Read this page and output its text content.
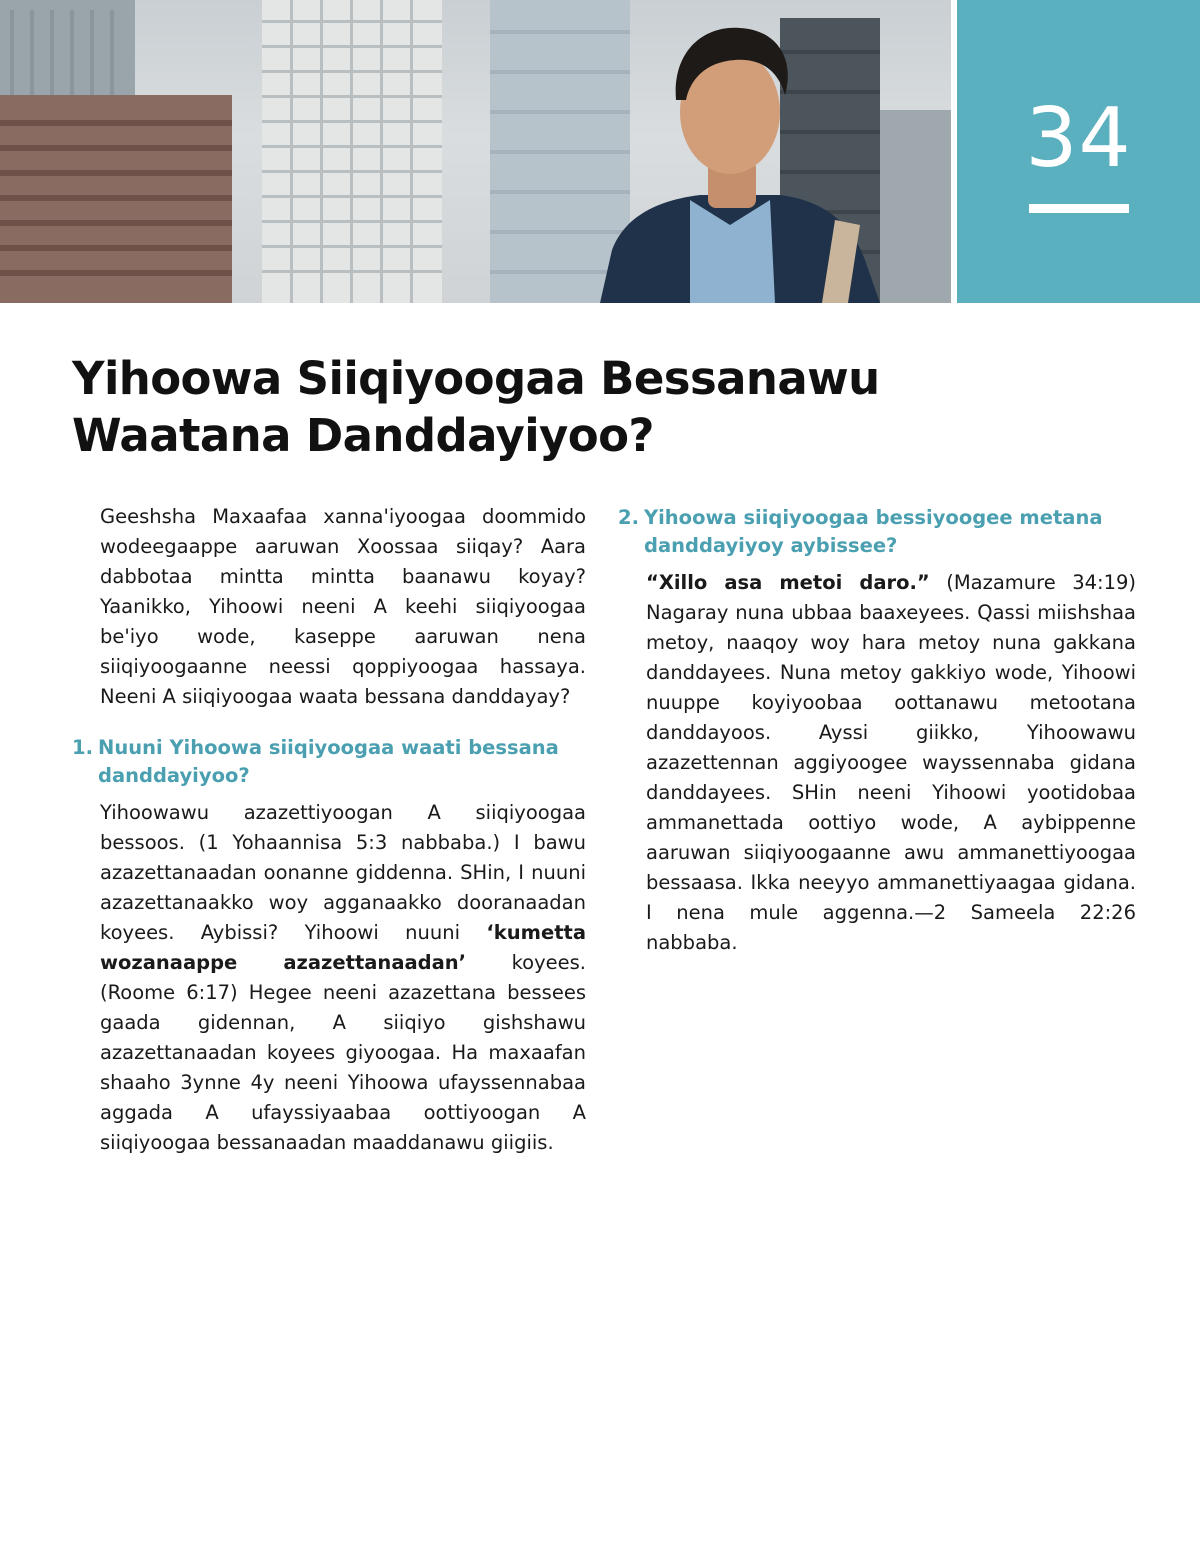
34
Yihoowa Siiqiyoogaa Bessanawu
Waatana Danddayiyoo?

Geeshsha Maxaafaa xanna'iyoogaa doommido wodeegaappe aaruwan Xoossaa siiqay? Aara dabbotaa mintta mintta baanawu koyay? Yaanikko, Yihoowi neeni A keehi siiqiyoogaa be'iyo wode, kaseppe aaruwan nena siiqiyoogaanne neessi qoppiyoogaa hassaya. Neeni A siiqiyoogaa waata bessana danddayay?

1. Nuuni Yihoowa siiqiyoogaa waati bessana danddayiyoo?

Yihoowawu azazettiyoogan A siiqiyoogaa bessoos. (1 Yohaannisa 5:3 nabbaba.) I bawu azazettanaadan oonanne giddenna. SHin, I nuuni azazettanaakko woy agganaakko dooranaadan koyees. Aybissi? Yihoowi nuuni ‘kumetta wozanaappe azazettanaadan’ koyees. (Roome 6:17) Hegee neeni azazettana bessees gaada gidennan, A siiqiyo gishshawu azazettanaadan koyees giyoogaa. Ha maxaafan shaaho 3ynne 4y neeni Yihoowa ufayssennabaa aggada A ufayssiyaabaa oottiyoogan A siiqiyoogaa bessanaadan maaddanawu giigiis.

2. Yihoowa siiqiyoogaa bessiyoogee metana danddayiyoy aybissee?

“Xillo asa metoi daro.” (Mazamure 34:19) Nagaray nuna ubbaa baaxeyees. Qassi miishshaa metoy, naaqoy woy hara metoy nuna gakkana danddayees. Nuna metoy gakkiyo wode, Yihoowi nuuppe koyiyoobaa oottanawu metootana danddayoos. Ayssi giikko, Yihoowawu azazettennan aggiyoogee wayssennaba gidana danddayees. SHin neeni Yihoowi yootidobaa ammanettada oottiyo wode, A aybippenne aaruwan siiqiyoogaanne awu ammanettiyoogaa bessaasa. Ikka neeyyo ammanettiyaagaa gidana. I nena mule aggenna.—2 Sameela 22:26 nabbaba.
